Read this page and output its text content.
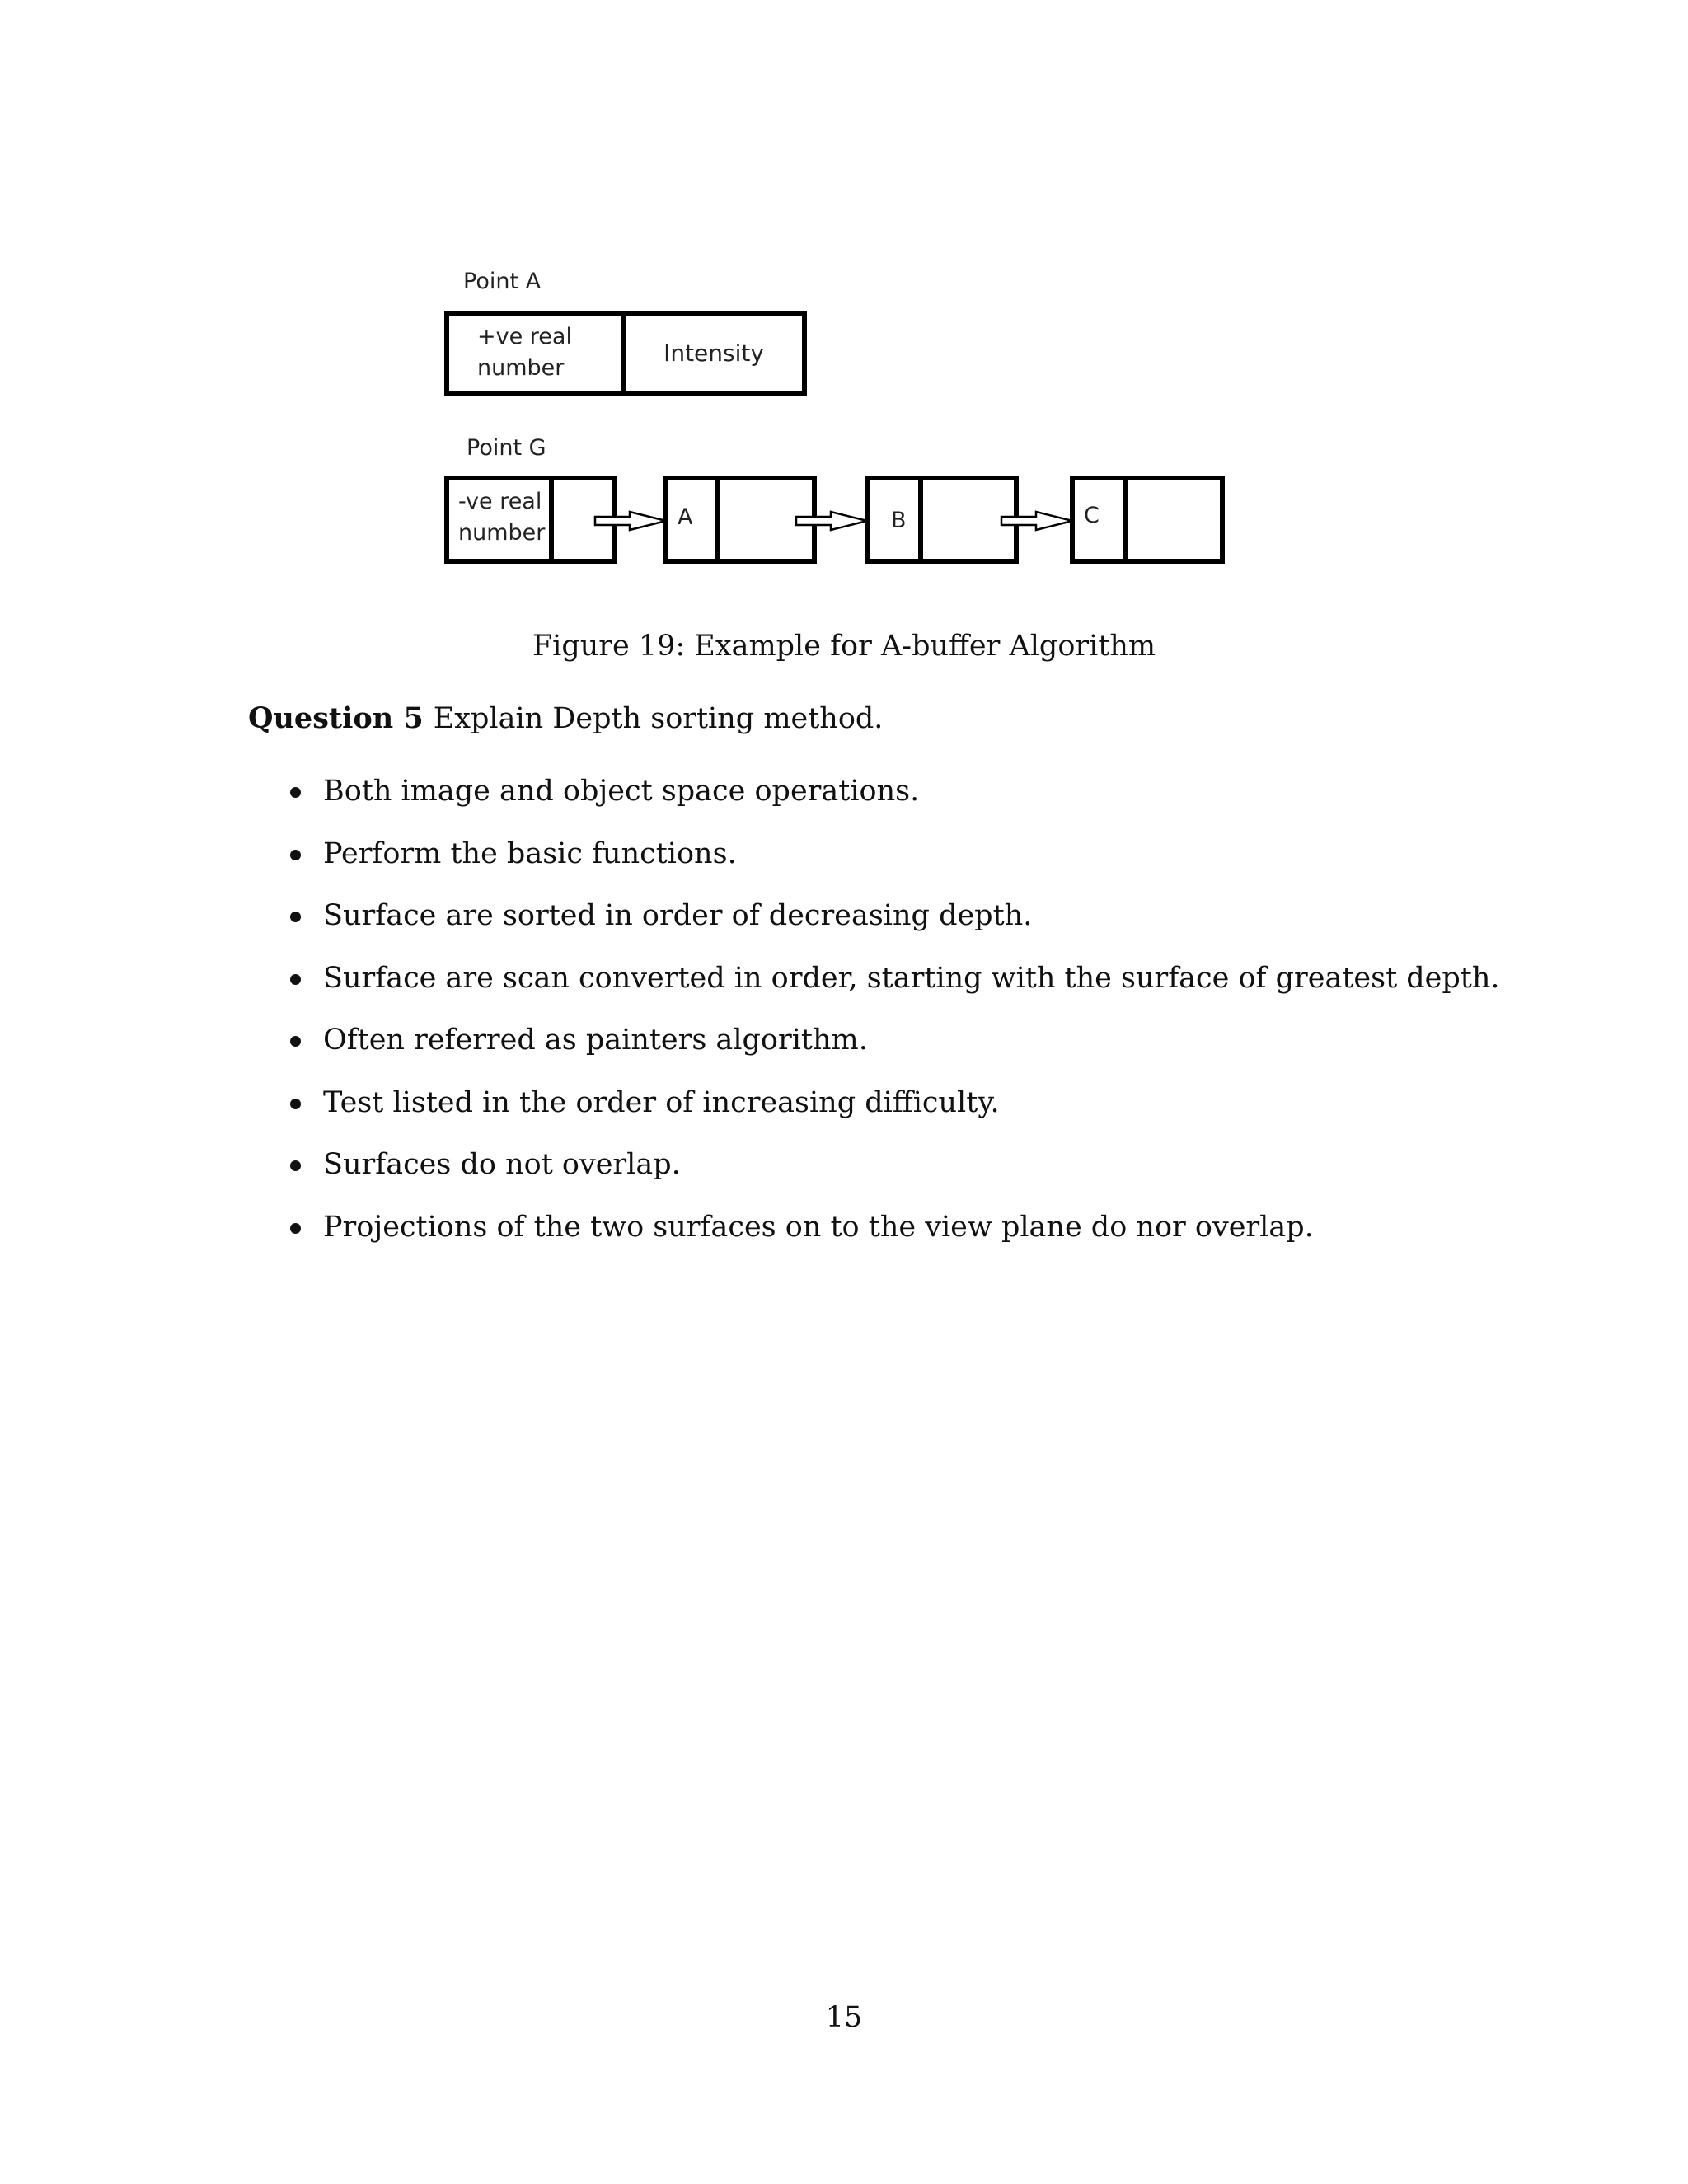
Point A
+ve real
number
Intensity
Point G
-ve real
number
A	B	C
Figure 19: Example for A-buffer Algorithm
Question 5 Explain Depth sorting method.
Both image and object space operations.
Perform the basic functions.
Surface are sorted in order of decreasing depth.
Surface are scan converted in order, starting with the surface of greatest depth.
Often referred as painters algorithm.
Test listed in the order of increasing difficulty.
Surfaces do not overlap.
Projections of the two surfaces on to the view plane do nor overlap.
15
